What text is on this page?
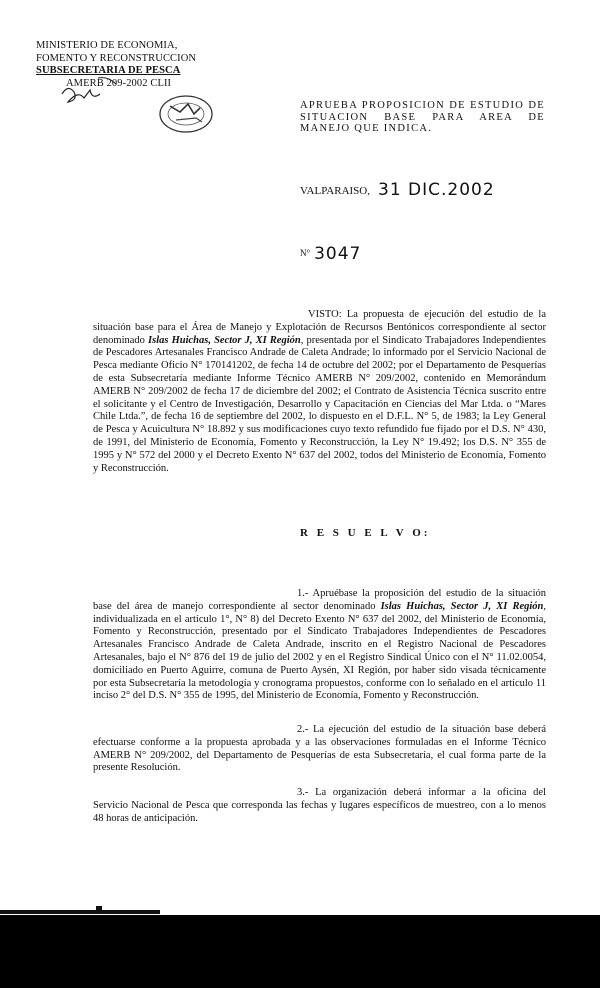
MINISTERIO DE ECONOMIA,
FOMENTO Y RECONSTRUCCION
SUBSECRETARIA DE PESCA
AMERB 209-2002 CLII
APRUEBA PROPOSICION DE ESTUDIO DE SITUACION BASE PARA AREA DE MANEJO QUE INDICA.
VALPARAISO, 31 DIC.2002
N° 3047
VISTO: La propuesta de ejecución del estudio de la situación base para el Área de Manejo y Explotación de Recursos Bentónicos correspondiente al sector denominado Islas Huichas, Sector J, XI Región, presentada por el Sindicato Trabajadores Independientes de Pescadores Artesanales Francisco Andrade de Caleta Andrade; lo informado por el Servicio Nacional de Pesca mediante Oficio N° 170141202, de fecha 14 de octubre del 2002; por el Departamento de Pesquerías de esta Subsecretaría mediante Informe Técnico AMERB N° 209/2002, contenido en Memorándum AMERB N° 209/2002 de fecha 17 de diciembre del 2002; el Contrato de Asistencia Técnica suscrito entre el solicitante y el Centro de Investigación, Desarrollo y Capacitación en Ciencias del Mar Ltda. o “Mares Chile Ltda.”, de fecha 16 de septiembre del 2002, lo dispuesto en el D.F.L. N° 5, de 1983; la Ley General de Pesca y Acuicultura N° 18.892 y sus modificaciones cuyo texto refundido fue fijado por el D.S. N° 430, de 1991, del Ministerio de Economía, Fomento y Reconstrucción, la Ley N° 19.492; los D.S. N° 355 de 1995 y N° 572 del 2000 y el Decreto Exento N° 637 del 2002, todos del Ministerio de Economía, Fomento y Reconstrucción.
R E S U E L V O:
1.- Apruébase la proposición del estudio de la situación base del área de manejo correspondiente al sector denominado Islas Huichas, Sector J, XI Región, individualizada en el artículo 1°, N° 8) del Decreto Exento N° 637 del 2002, del Ministerio de Economía, Fomento y Reconstrucción, presentado por el Sindicato Trabajadores Independientes de Pescadores Artesanales Francisco Andrade de Caleta Andrade, inscrito en el Registro Nacional de Pescadores Artesanales, bajo el N° 876 del 19 de julio del 2002 y en el Registro Sindical Único con el N° 11.02.0054, domiciliado en Puerto Aguirre, comuna de Puerto Aysén, XI Región, por haber sido visada técnicamente por esta Subsecretaría la metodología y cronograma propuestos, conforme con lo señalado en el artículo 11 inciso 2° del D.S. N° 355 de 1995, del Ministerio de Economía, Fomento y Reconstrucción.
2.- La ejecución del estudio de la situación base deberá efectuarse conforme a la propuesta aprobada y a las observaciones formuladas en el Informe Técnico AMERB N° 209/2002, del Departamento de Pesquerías de esta Subsecretaría, el cual forma parte de la presente Resolución.
3.- La organización deberá informar a la oficina del Servicio Nacional de Pesca que corresponda las fechas y lugares específicos de muestreo, con a lo menos 48 horas de anticipación.
